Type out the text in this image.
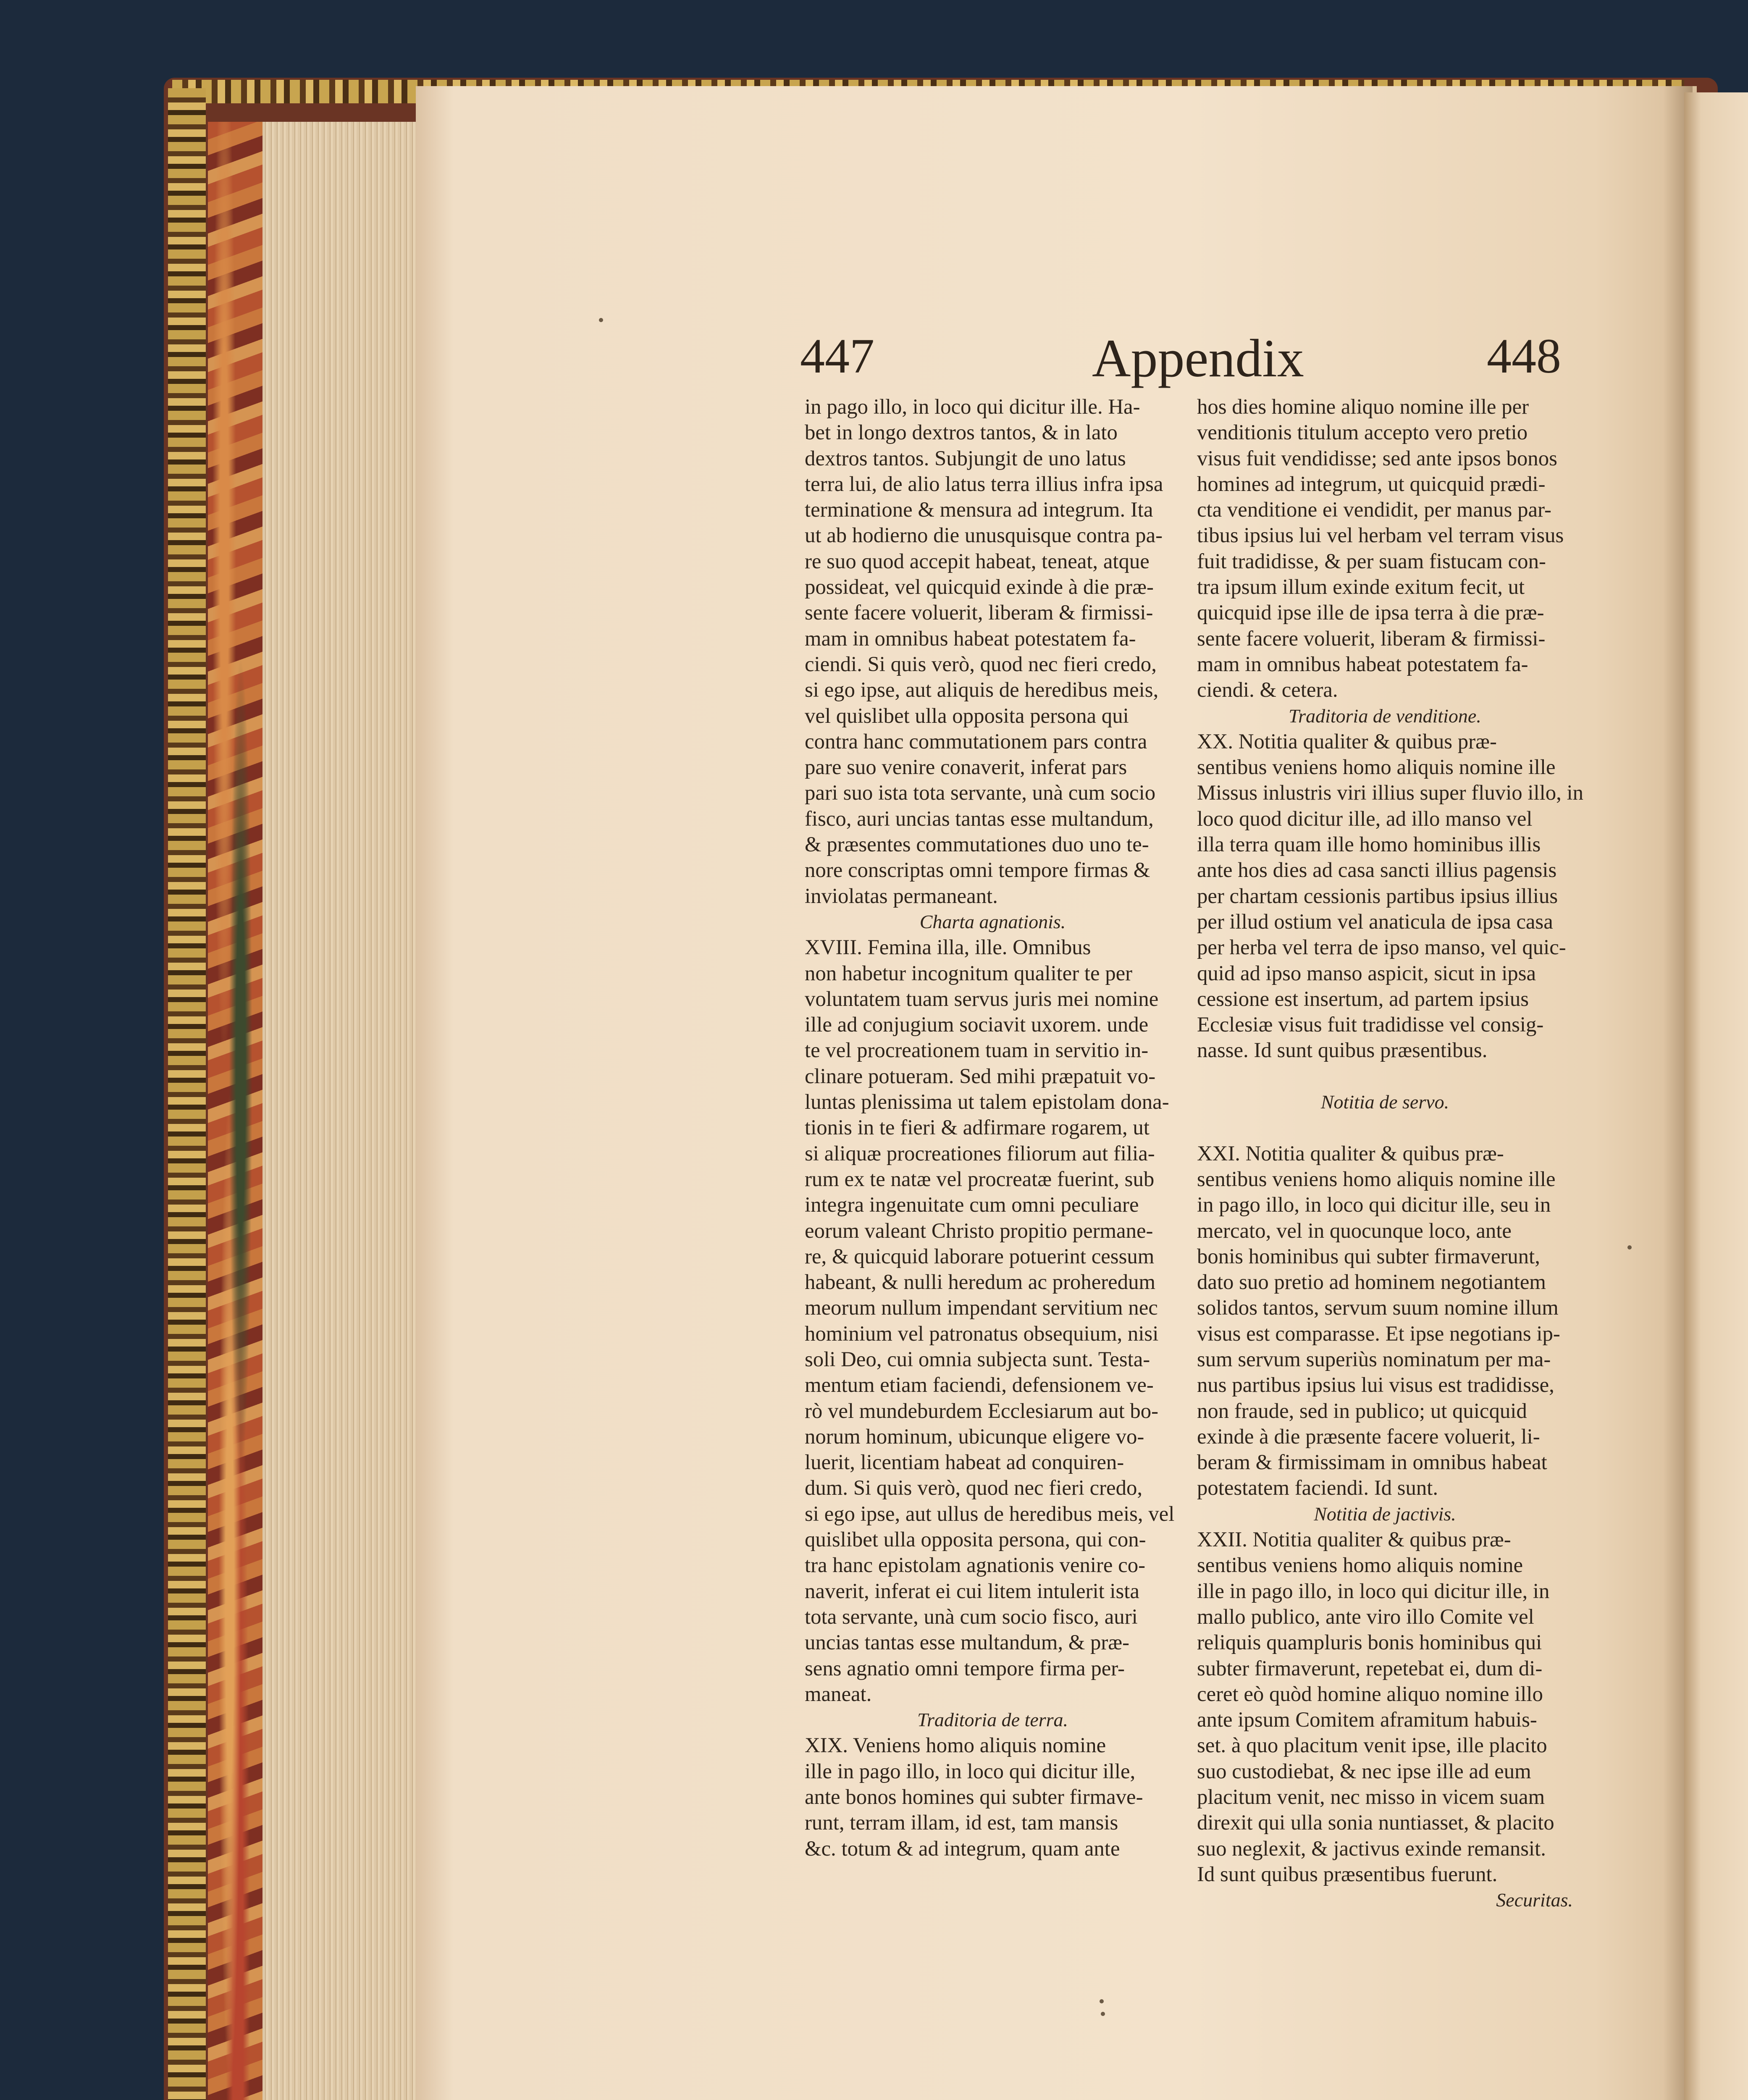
447	Appendix	448
in pago illo, in loco qui dicitur ille. Ha-
bet in longo dextros tantos, & in lato
dextros tantos. Subjungit de uno latus
terra lui, de alio latus terra illius infra ipsa
terminatione & mensura ad integrum. Ita
ut ab hodierno die unusquisque contra pa-
re suo quod accepit habeat, teneat, atque
possideat, vel quicquid exinde à die præ-
sente facere voluerit, liberam & firmissi-
mam in omnibus habeat potestatem fa-
ciendi. Si quis verò, quod nec fieri credo,
si ego ipse, aut aliquis de heredibus meis,
vel quislibet ulla opposita persona qui
contra hanc commutationem pars contra
pare suo venire conaverit, inferat pars
pari suo ista tota servante, unà cum socio
fisco, auri uncias tantas esse multandum,
& præsentes commutationes duo uno te-
nore conscriptas omni tempore firmas &
inviolatas permaneant.
Charta agnationis.
XVIII. Femina illa, ille. Omnibus
non habetur incognitum qualiter te per
voluntatem tuam servus juris mei nomine
ille ad conjugium sociavit uxorem. unde
te vel procreationem tuam in servitio in-
clinare potueram. Sed mihi præpatuit vo-
luntas plenissima ut talem epistolam dona-
tionis in te fieri & adfirmare rogarem, ut
si aliquæ procreationes filiorum aut filia-
rum ex te natæ vel procreatæ fuerint, sub
integra ingenuitate cum omni peculiare
eorum valeant Christo propitio permane-
re, & quicquid laborare potuerint cessum
habeant, & nulli heredum ac proheredum
meorum nullum impendant servitium nec
hominium vel patronatus obsequium, nisi
soli Deo, cui omnia subjecta sunt. Testa-
mentum etiam faciendi, defensionem ve-
rò vel mundeburdem Ecclesiarum aut bo-
norum hominum, ubicunque eligere vo-
luerit, licentiam habeat ad conquiren-
dum. Si quis verò, quod nec fieri credo,
si ego ipse, aut ullus de heredibus meis, vel
quislibet ulla opposita persona, qui con-
tra hanc epistolam agnationis venire co-
naverit, inferat ei cui litem intulerit ista
tota servante, unà cum socio fisco, auri
uncias tantas esse multandum, & præ-
sens agnatio omni tempore firma per-
maneat.
Traditoria de terra.
XIX. Veniens homo aliquis nomine
ille in pago illo, in loco qui dicitur ille,
ante bonos homines qui subter firmave-
runt, terram illam, id est, tam mansis
&c. totum & ad integrum, quam ante
hos dies homine aliquo nomine ille per
venditionis titulum accepto vero pretio
visus fuit vendidisse; sed ante ipsos bonos
homines ad integrum, ut quicquid prædi-
cta venditione ei vendidit, per manus par-
tibus ipsius lui vel herbam vel terram visus
fuit tradidisse, & per suam fistucam con-
tra ipsum illum exinde exitum fecit, ut
quicquid ipse ille de ipsa terra à die præ-
sente facere voluerit, liberam & firmissi-
mam in omnibus habeat potestatem fa-
ciendi. & cetera.
Traditoria de venditione.
XX. Notitia qualiter & quibus præ-
sentibus veniens homo aliquis nomine ille
Missus inlustris viri illius super fluvio illo, in
loco quod dicitur ille, ad illo manso vel
illa terra quam ille homo hominibus illis
ante hos dies ad casa sancti illius pagensis
per chartam cessionis partibus ipsius illius
per illud ostium vel anaticula de ipsa casa
per herba vel terra de ipso manso, vel quic-
quid ad ipso manso aspicit, sicut in ipsa
cessione est insertum, ad partem ipsius
Ecclesiæ visus fuit tradidisse vel consig-
nasse. Id sunt quibus præsentibus.
Notitia de servo.
XXI. Notitia qualiter & quibus præ-
sentibus veniens homo aliquis nomine ille
in pago illo, in loco qui dicitur ille, seu in
mercato, vel in quocunque loco, ante
bonis hominibus qui subter firmaverunt,
dato suo pretio ad hominem negotiantem
solidos tantos, servum suum nomine illum
visus est comparasse. Et ipse negotians ip-
sum servum superiùs nominatum per ma-
nus partibus ipsius lui visus est tradidisse,
non fraude, sed in publico; ut quicquid
exinde à die præsente facere voluerit, li-
beram & firmissimam in omnibus habeat
potestatem faciendi. Id sunt.
Notitia de jactivis.
XXII. Notitia qualiter & quibus præ-
sentibus veniens homo aliquis nomine
ille in pago illo, in loco qui dicitur ille, in
mallo publico, ante viro illo Comite vel
reliquis quampluris bonis hominibus qui
subter firmaverunt, repetebat ei, dum di-
ceret eò quòd homine aliquo nomine illo
ante ipsum Comitem aframitum habuis-
set. à quo placitum venit ipse, ille placito
suo custodiebat, & nec ipse ille ad eum
placitum venit, nec misso in vicem suam
direxit qui ulla sonia nuntiasset, & placito
suo neglexit, & jactivus exinde remansit.
Id sunt quibus præsentibus fuerunt.
Securitas.
